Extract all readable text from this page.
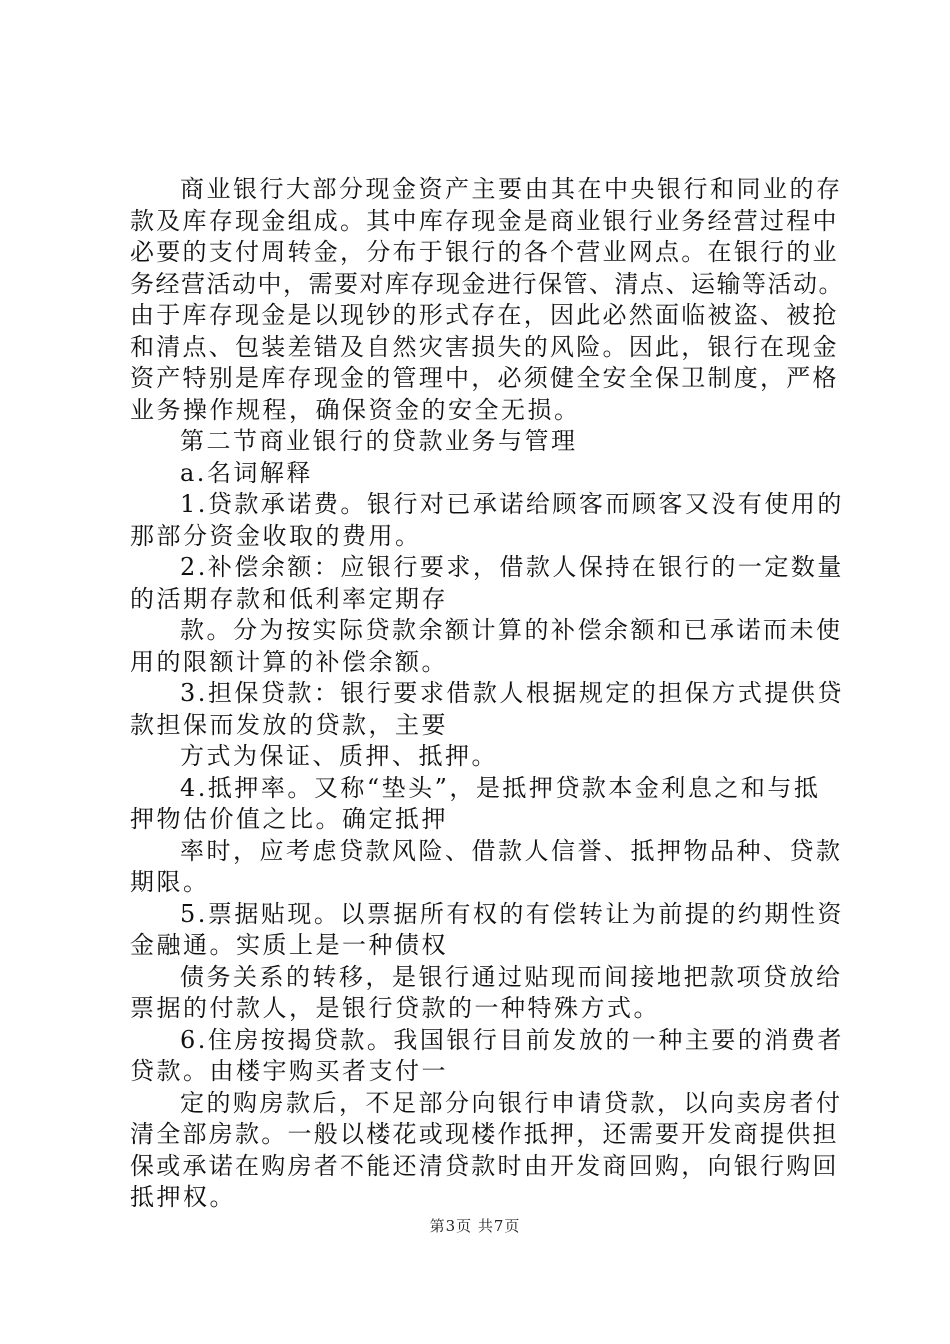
商业银行大部分现金资产主要由其在中央银行和同业的存
款及库存现金组成。其中库存现金是商业银行业务经营过程中
必要的支付周转金，分布于银行的各个营业网点。在银行的业
务经营活动中，需要对库存现金进行保管、清点、运输等活动。
由于库存现金是以现钞的形式存在，因此必然面临被盗、被抢
和清点、包装差错及自然灾害损失的风险。因此，银行在现金
资产特别是库存现金的管理中，必须健全安全保卫制度，严格
业务操作规程，确保资金的安全无损。
第二节商业银行的贷款业务与管理
a.名词解释
1.贷款承诺费。银行对已承诺给顾客而顾客又没有使用的
那部分资金收取的费用。
2.补偿余额：应银行要求，借款人保持在银行的一定数量
的活期存款和低利率定期存
款。分为按实际贷款余额计算的补偿余额和已承诺而未使
用的限额计算的补偿余额。
3.担保贷款：银行要求借款人根据规定的担保方式提供贷
款担保而发放的贷款，主要
方式为保证、质押、抵押。
4.抵押率。又称“垫头”，是抵押贷款本金利息之和与抵
押物估价值之比。确定抵押
率时，应考虑贷款风险、借款人信誉、抵押物品种、贷款
期限。
5.票据贴现。以票据所有权的有偿转让为前提的约期性资
金融通。实质上是一种债权
债务关系的转移，是银行通过贴现而间接地把款项贷放给
票据的付款人，是银行贷款的一种特殊方式。
6.住房按揭贷款。我国银行目前发放的一种主要的消费者
贷款。由楼宇购买者支付一
定的购房款后，不足部分向银行申请贷款，以向卖房者付
清全部房款。一般以楼花或现楼作抵押，还需要开发商提供担
保或承诺在购房者不能还清贷款时由开发商回购，向银行购回
抵押权。
第3页 共7页
